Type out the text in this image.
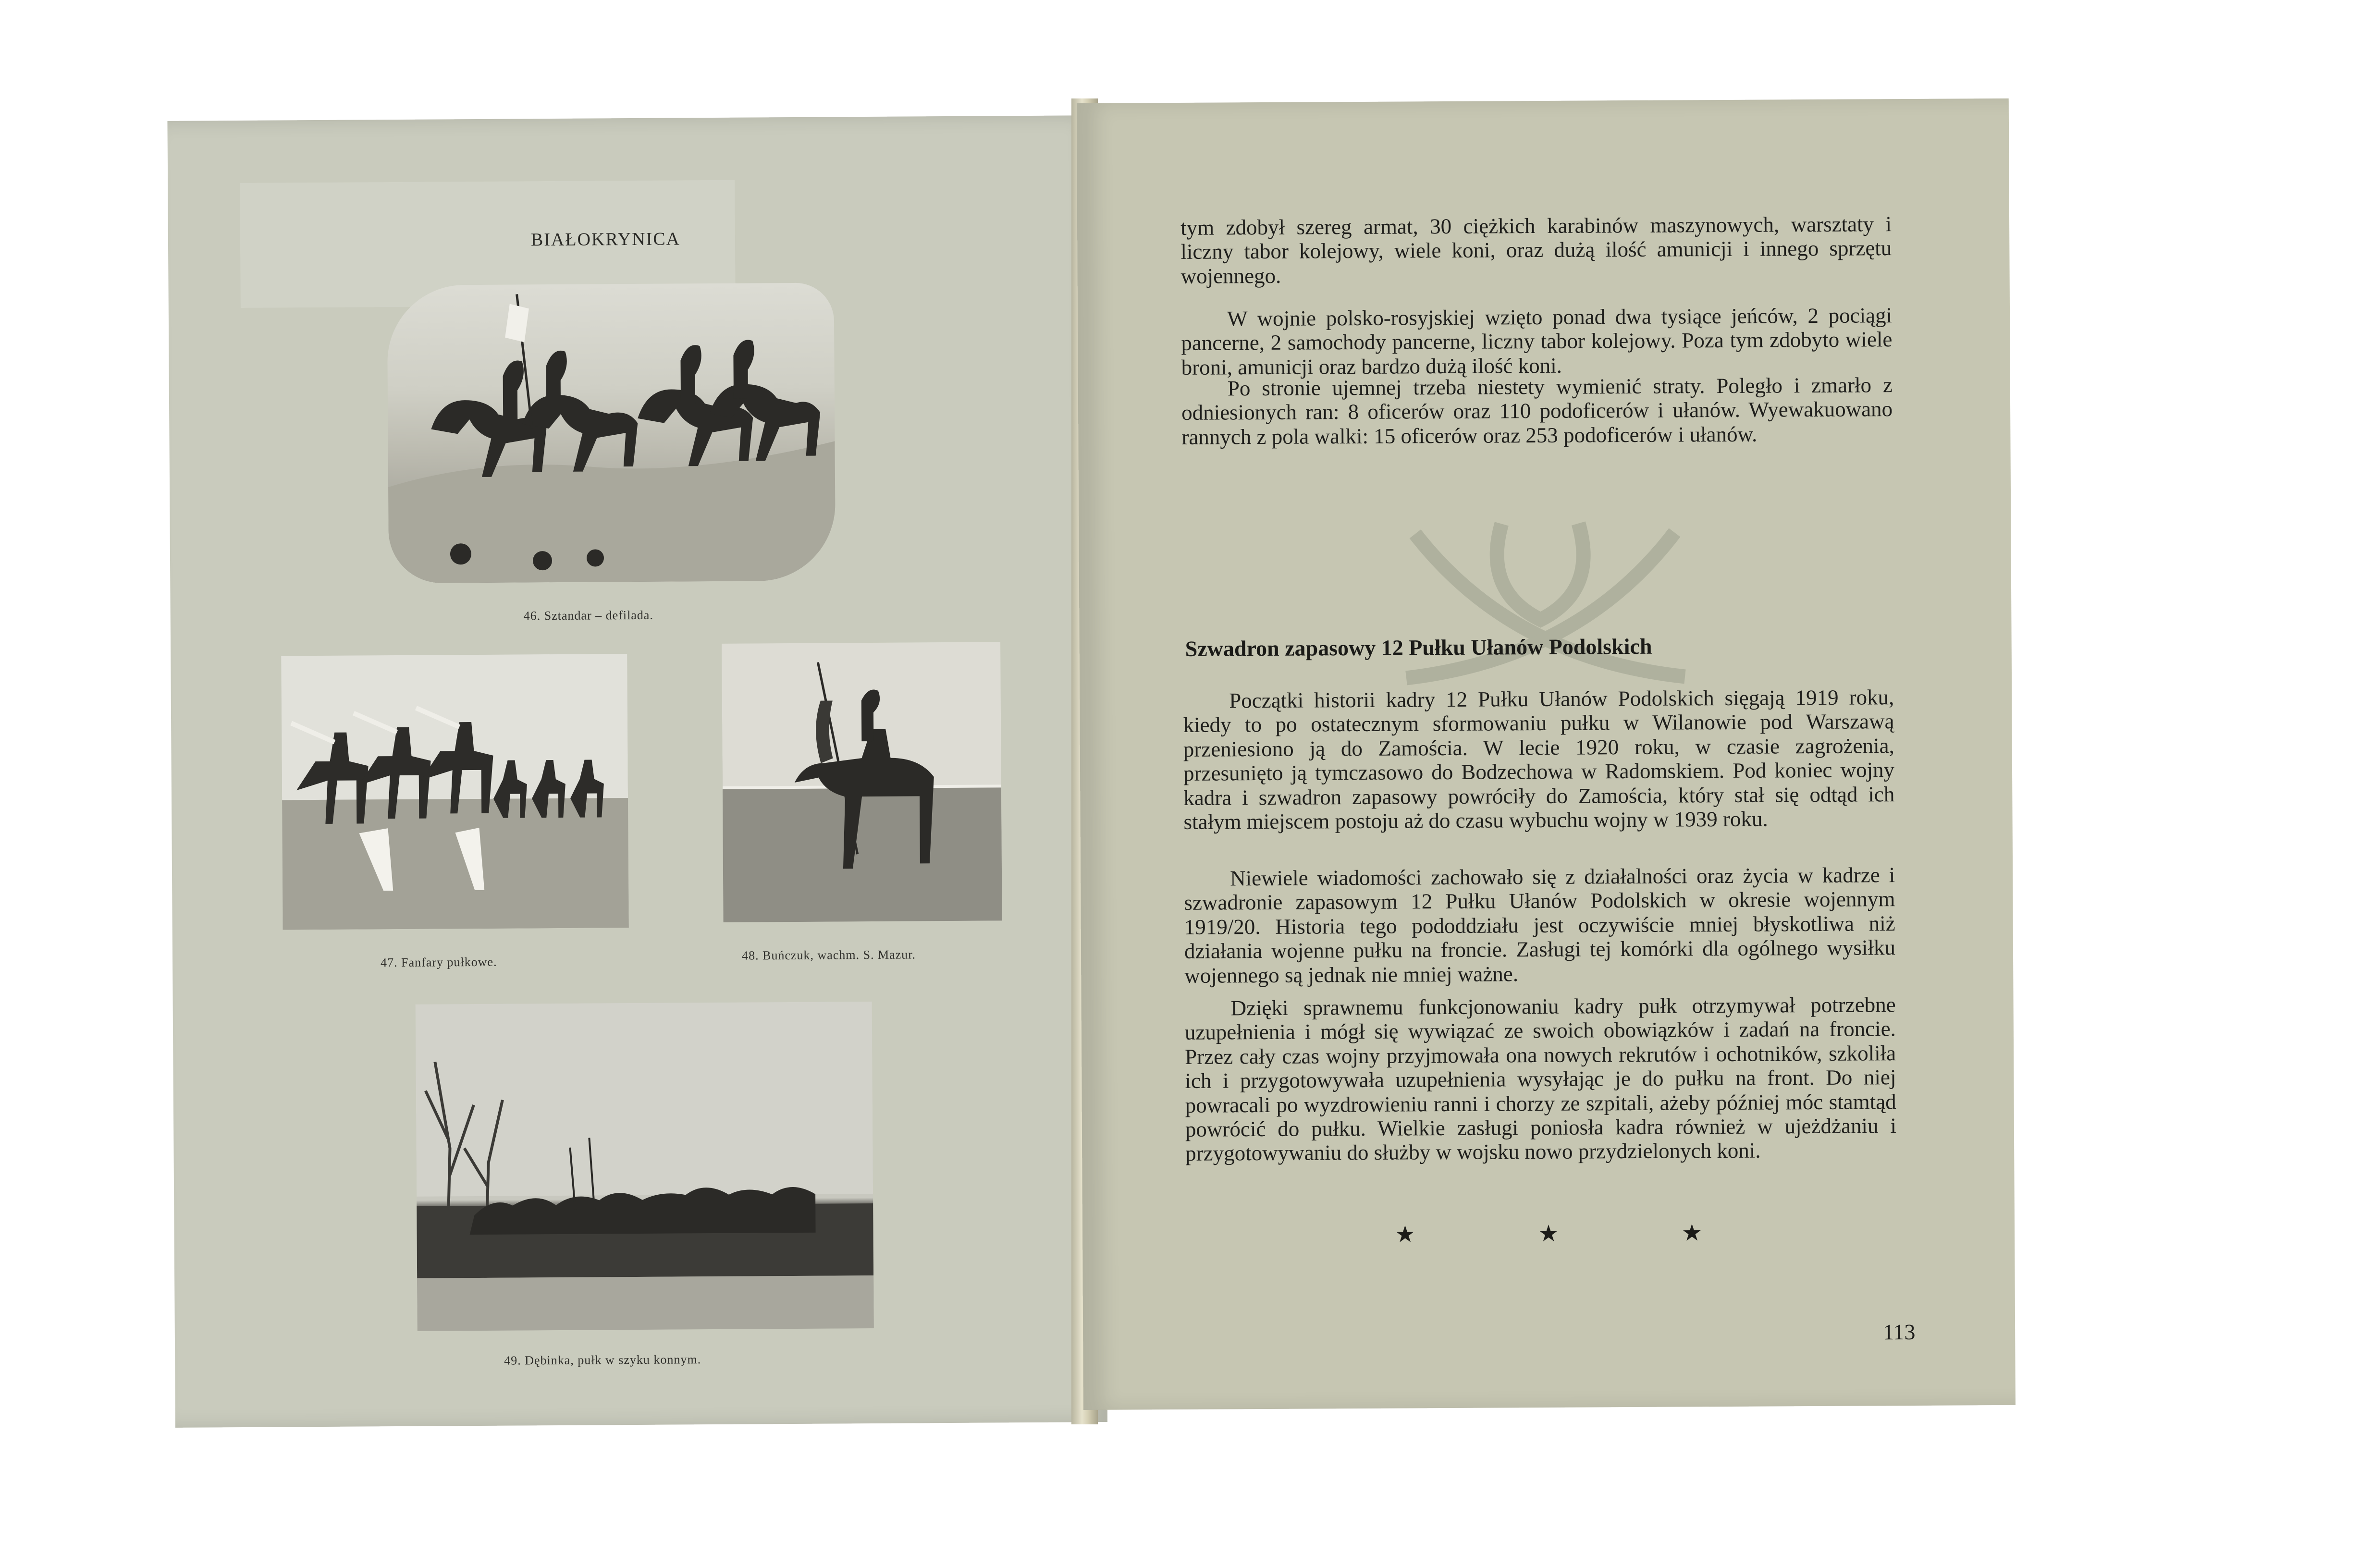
BIAŁOKRYNICA
46. Sztandar – defilada.
47. Fanfary pułkowe.	48. Buńczuk, wachm. S. Mazur.
49. Dębinka, pułk w szyku konnym.

tym zdobył szereg armat, 30 ciężkich karabinów maszynowych, warsztaty i liczny tabor kolejowy, wiele koni, oraz dużą ilość amunicji i innego sprzętu wojennego.

W wojnie polsko-rosyjskiej wzięto ponad dwa tysiące jeńców, 2 pociągi pancerne, 2 samochody pancerne, liczny tabor kolejowy. Poza tym zdobyto wiele broni, amunicji oraz bardzo dużą ilość koni.

Po stronie ujemnej trzeba niestety wymienić straty. Poległo i zmarło z odniesionych ran: 8 oficerów oraz 110 podoficerów i ułanów. Wyewakuowano rannych z pola walki: 15 oficerów oraz 253 podoficerów i ułanów.

Szwadron zapasowy 12 Pułku Ułanów Podolskich

Początki historii kadry 12 Pułku Ułanów Podolskich sięgają 1919 roku, kiedy to po ostatecznym sformowaniu pułku w Wilanowie pod Warszawą przeniesiono ją do Zamościa. W lecie 1920 roku, w czasie zagrożenia, przesunięto ją tymczasowo do Bodzechowa w Radomskiem. Pod koniec wojny kadra i szwadron zapasowy powróciły do Zamościa, który stał się odtąd ich stałym miejscem postoju aż do czasu wybuchu wojny w 1939 roku.

Niewiele wiadomości zachowało się z działalności oraz życia w kadrze i szwadronie zapasowym 12 Pułku Ułanów Podolskich w okresie wojennym 1919/20. Historia tego pododdziału jest oczywiście mniej błyskotliwa niż działania wojenne pułku na froncie. Zasługi tej komórki dla ogólnego wysiłku wojennego są jednak nie mniej ważne.

Dzięki sprawnemu funkcjonowaniu kadry pułk otrzymywał potrzebne uzupełnienia i mógł się wywiązać ze swoich obowiązków i zadań na froncie. Przez cały czas wojny przyjmowała ona nowych rekrutów i ochotników, szkoliła ich i przygotowywała uzupełnienia wysyłając je do pułku na front. Do niej powracali po wyzdrowieniu ranni i chorzy ze szpitali, ażeby później móc stamtąd powrócić do pułku. Wielkie zasługi poniosła kadra również w ujeżdżaniu i przygotowywaniu do służby w wojsku nowo przydzielonych koni.

★	★	★
113
